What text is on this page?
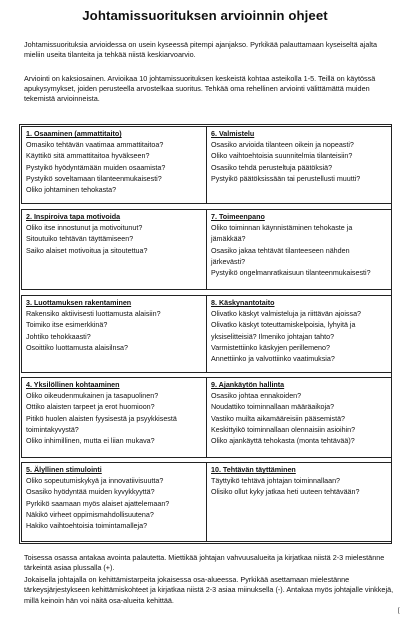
Johtamissuorituksen arvioinnin ohjeet

Johtamissuorituksia arvioidessa on usein kyseessä pitempi ajanjakso. Pyrkikää palauttamaan kyseiseltä ajalta mieliin useita tilanteita ja tehkää niistä keskiarvoarvio.

Arviointi on kaksiosainen. Arvioikaa 10 johtamissuorituksen keskeistä kohtaa asteikolla 1-5. Teillä on käytössä apukysymykset, joiden perusteella arvostelkaa suoritus. Tehkää oma rehellinen arviointi välittämättä muiden tekemistä arvioinneista.

1. Osaaminen (ammattitaito)
Omasiko tehtävän vaatimaa ammattitaitoa?
Käyttikö sitä ammattitaitoa hyväkseen?
Pystyikö hyödyntämään muiden osaamista?
Pystyikö soveltamaan tilanteenmukaisesti?
Oliko johtaminen tehokasta?
6. Valmistelu
Osasiko arvioida tilanteen oikein ja nopeasti?
Oliko vaihtoehtoisia suunnitelmia tilanteisiin?
Osasiko tehdä perusteltuja päätöksiä?
Pystyikö päätöksissään tai perustellusti muutti?
2. Inspiroiva tapa motivoida
Oliko itse innostunut ja motivoitunut?
Sitoutuiko tehtävän täyttämiseen?
Saiko alaiset motivoitua ja sitoutettua?
7. Toimeenpano
Oliko toiminnan käynnistäminen tehokaste ja
jämäkkää?
Osasiko jakaa tehtävät tilanteeseen nähden
järkevästi?
Pystyikö ongelmanratkaisuun tilanteenmukaisesti?
3. Luottamuksen rakentaminen
Rakensiko aktiivisesti luottamusta alaisiin?
Toimiko itse esimerkkinä?
Johtiko tehokkaasti?
Osoittiko luottamusta alaisilnsa?
8. Käskynantotaito
Olivatko käskyt valmisteluja ja riittävän ajoissa?
Olivatko käskyt toteuttamiskelpoisia, lyhyitä ja
yksiselitteisiä? Ilmeniko johtajan tahto?
Varmistettiinko käskyjen perillemeno?
Annettiinko ja valvottiinko vaatimuksia?
4. Yksilöllinen kohtaaminen
Oliko oikeudenmukainen ja tasapuolinen?
Ottiko alaisten tarpeet ja erot huomioon?
Pitikö huolen alaisten fyysisestä ja psyykkisestä
toimintakyvystä?
Oliko inhimillinen, mutta ei liian mukava?
9. Ajankäytön hallinta
Osasiko johtaa ennakoiden?
Noudattiko toiminnallaan määräaikoja?
Vastiko muilta aikamääreisiin pääsemistä?
Keskittyikö toiminnallaan olennaisiin asioihin?
Oliko ajankäyttä tehokasta (monta tehtävää)?
5. Älyllinen stimulointi
Oliko sopeutumiskykyä ja innovatiivisuutta?
Osasiko hyödyntää muiden kyvykkyyttä?
Pyrkikö saamaan myös alaiset ajattelemaan?
Näkikö virheet oppimismahdollisuutena?
Hakiko vaihtoehtoisia toimintamalleja?
10. Tehtävän täyttäminen
Täyttyikö tehtävä johtajan toiminnallaan?
Olisiko ollut kyky jatkaa heti uuteen tehtävään?

Toisessa osassa antakaa avointa palautetta. Miettikää johtajan vahvuusalueita ja kirjatkaa niistä 2-3 mielestänne tärkeintä asiaa plussalla (+).

Jokaisella johtajalla on kehittämistarpeita jokaisessa osa-alueessa. Pyrkikää asettamaan mielestänne tärkeysjärjestykseen kehittämiskohteet ja kirjatkaa niistä 2-3 asiaa miinuksella (-). Antakaa myös johtajalle vinkkejä, millä keinoin hän voi näitä osa-alueita kehittää.

[
